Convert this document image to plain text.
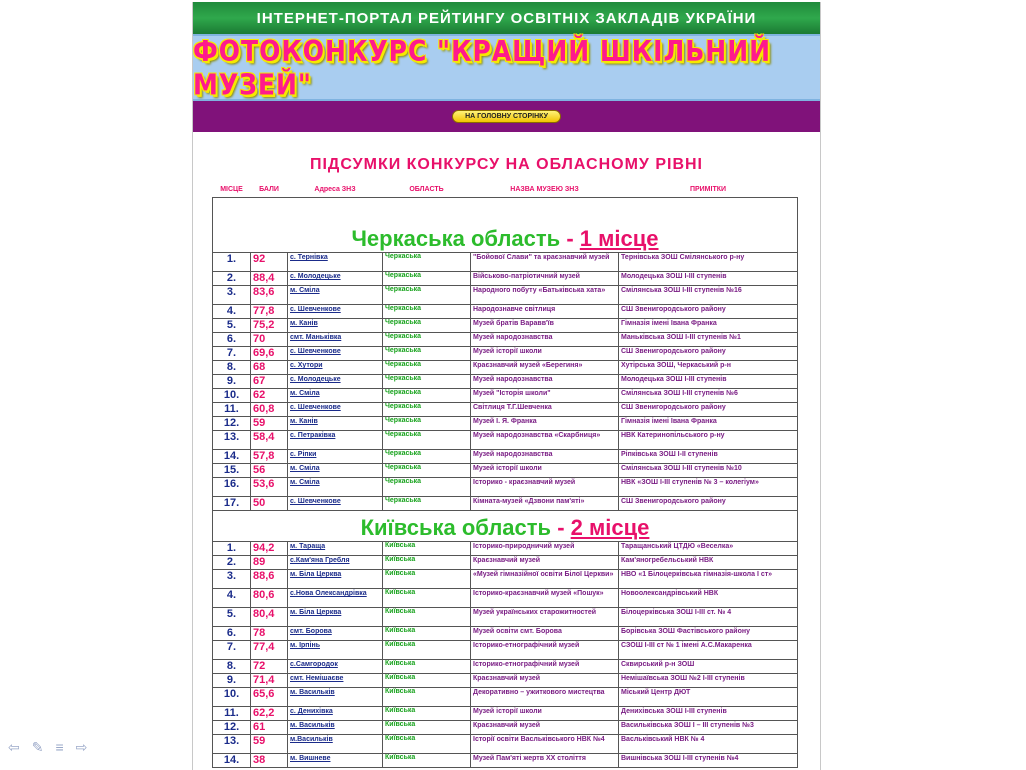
ІНТЕРНЕТ-ПОРТАЛ РЕЙТИНГУ ОСВІТНІХ ЗАКЛАДІВ УКРАЇНИ
ФОТОКОНКУРС "КРАЩИЙ ШКІЛЬНИЙ МУЗЕЙ"
НА ГОЛОВНУ СТОРІНКУ
ПІДСУМКИ КОНКУРСУ НА ОБЛАСНОМУ РІВНІ
МІСЦЕ	БАЛИ	Адреса ЗНЗ	ОБЛАСТЬ	НАЗВА МУЗЕЮ ЗНЗ	ПРИМІТКИ
Черкаська область - 1 місце					
1.	92	с. Тернівка	Черкаська	"Бойової Слави" та краєзнавчий музей	Тернівська ЗОШ Смілянського р-ну
2.	88,4	с. Молодецьке	Черкаська	Військово-патріотичний музей	Молодецька ЗОШ І-ІІІ ступенів
3.	83,6	м. Сміла	Черкаська	Народного побуту «Батьківська хата»	Смілянська ЗОШ І-ІІІ ступенів №16
4.	77,8	с. Шевченкове	Черкаська	Народознавче світлиця	СШ Звенигородського району
5.	75,2	м. Канів	Черкаська	Музей братів Варавв'їв	Гімназія імені Івана Франка
6.	70	смт. Маньківка	Черкаська	Музей народознавства	Маньківська ЗОШ І-ІІІ ступенів №1
7.	69,6	с. Шевченкове	Черкаська	Музей історії школи	СШ Звенигородського району
8.	68	с. Хутори	Черкаська	Краєзнавчий музей «Берегиня»	Хутірська ЗОШ, Черкаський р-н
9.	67	с. Молодецьке	Черкаська	Музей народознавства	Молодецька ЗОШ І-ІІІ ступенів
10.	62	м. Сміла	Черкаська	Музей "Історія школи"	Смілянська ЗОШ І-ІІІ ступенів №6
11.	60,8	с. Шевченкове	Черкаська	Світлиця Т.Г.Шевченка	СШ Звенигородського району
12.	59	м. Канів	Черкаська	Музей І. Я. Франка	Гімназія імені Івана Франка
13.	58,4	с. Петраківка	Черкаська	Музей народознавства «Скарбниця»	НВК Катеринопільського р-ну
14.	57,8	с. Ріпки	Черкаська	Музей народознавства	Ріпківська ЗОШ І-ІІ ступенів
15.	56	м. Сміла	Черкаська	Музей історії школи	Смілянська ЗОШ І-ІІІ ступенів №10
16.	53,6	м. Сміла	Черкаська	Історико - краєзнавчий музей	НВК «ЗОШ І-ІІІ ступенів № 3 – колегіум»
17.	50	с. Шевченкове	Черкаська	Кімната-музей «Дзвони пам'яті»	СШ Звенигородського району
Київська область - 2 місце					
1.	94,2	м. Тараща	Київська	Історико-природничий музей	Таращанський ЦТДЮ «Веселка»
2.	89	с.Кам'яна Гребля	Київська	Краєзнавчий музей	Кам'яногребельський НВК
3.	88,6	м. Біла Церква	Київська	«Музей гімназійної освіти Білої Церкви»	НВО «1 Білоцерківська гімназія-школа І ст»
4.	80,6	с.Нова Олександрівка	Київська	Історико-краєзнавчий музей «Пошук»	Новоолександрівський НВК
5.	80,4	м. Біла Церква	Київська	Музей українських старожитностей	Білоцерківська ЗОШ І-ІІІ ст. № 4
6.	78	смт. Борова	Київська	Музей освіти смт. Борова	Борівська ЗОШ Фастівського району
7.	77,4	м. Ірпінь	Київська	Історико-етнографічний музей	СЗОШ І-ІІІ ст № 1 імені А.С.Макаренка
8.	72	с.Самгородок	Київська	Історико-етнографічний музей	Сквирський р-н ЗОШ
9.	71,4	смт. Немішаєве	Київська	Краєзнавчий музей	Немішаївська ЗОШ №2 І-ІІІ ступенів
10.	65,6	м. Васильків	Київська	Декоративно – ужиткового мистецтва	Міський Центр ДЮТ
11.	62,2	с. Денихівка	Київська	Музей історії школи	Денихівська ЗОШ І-ІІІ ступенів
12.	61	м. Васильків	Київська	Краєзнавчий музей	Васильківська ЗОШ І – ІІІ ступенів №3
13.	59	м.Васильків	Київська	Історії освіти Васльківського НВК №4	Васльківський НВК № 4
14.	38	м. Вишневе	Київська	Музей Пам'яті жертв ХХ століття	Вишнівська ЗОШ І-ІІІ ступенів №4
⇦ ✎ ≡ ⇨
